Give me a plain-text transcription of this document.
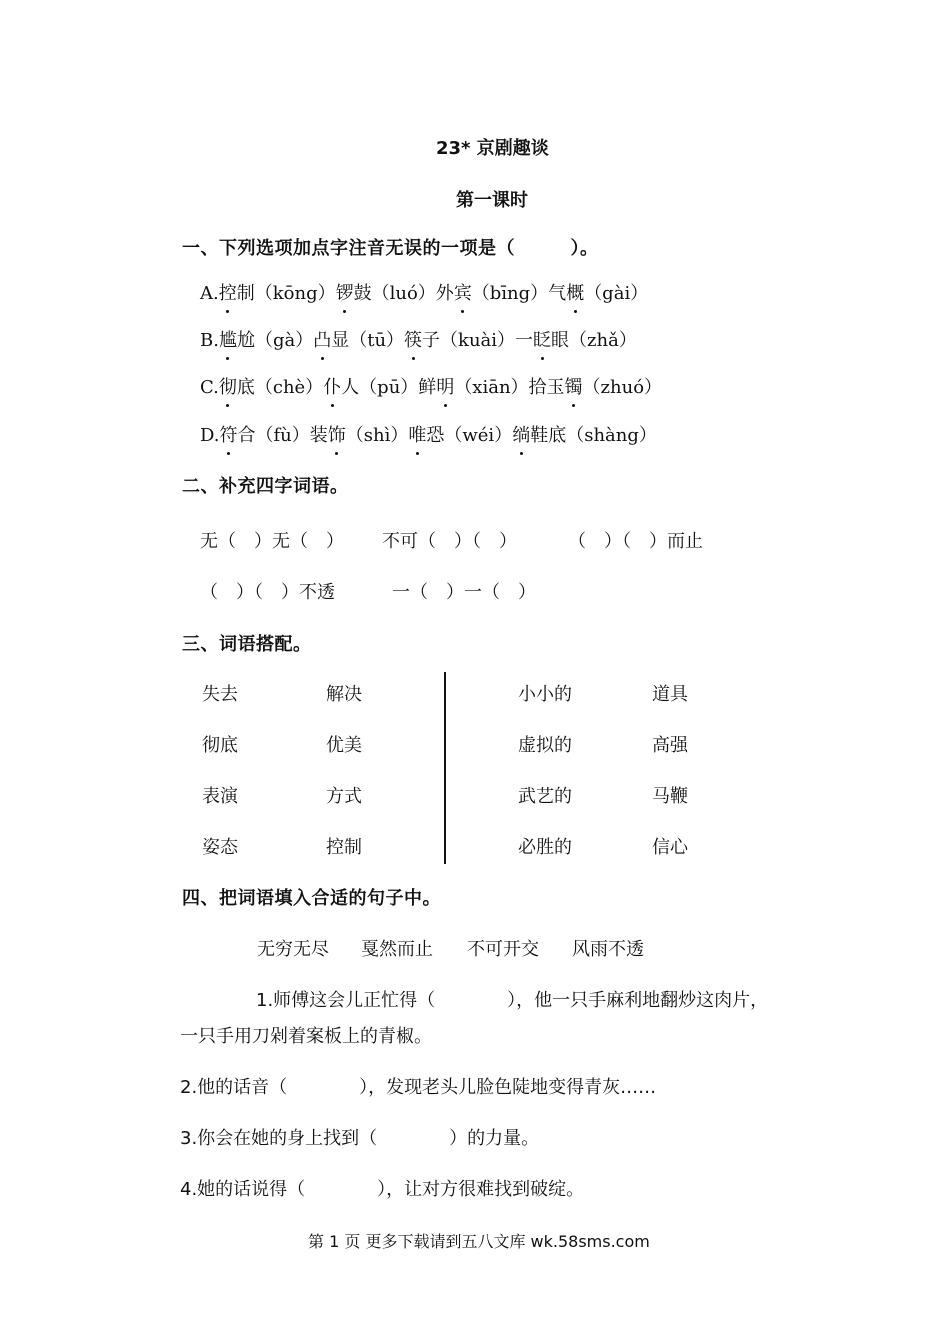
23* 京剧趣谈
第一课时
一、下列选项加点字注音无误的一项是（　　　）。
A.控制（kōng）锣鼓（luó）外宾（bīng）气概（gài）
B.尴尬（gà）凸显（tū）筷子（kuài）一眨眼（zhǎ）
C.彻底（chè）仆人（pū）鲜明（xiān）拾玉镯（zhuó）
D.符合（fù）装饰（shì）唯恐（wéi）绱鞋底（shàng）
二、补充四字词语。
无（　）无（　） 不可（　）（　）	（　）（　）而止
（　）（　）不透	一（　）一（　）
三、词语搭配。
失去
彻底
表演
姿态
解决
优美
方式
控制
小小的
虚拟的
武艺的
必胜的
道具
高强
马鞭
信心
四、把词语填入合适的句子中。
无穷无尽 戛然而止 不可开交 风雨不透
1.师傅这会儿正忙得（　　　　），他一只手麻利地翻炒这肉片，
一只手用刀剁着案板上的青椒。
2.他的话音（　　　　），发现老头儿脸色陡地变得青灰……
3.你会在她的身上找到（　　　　）的力量。
4.她的话说得（　　　　），让对方很难找到破绽。
第 1 页 更多下载请到五八文库 wk.58sms.com
